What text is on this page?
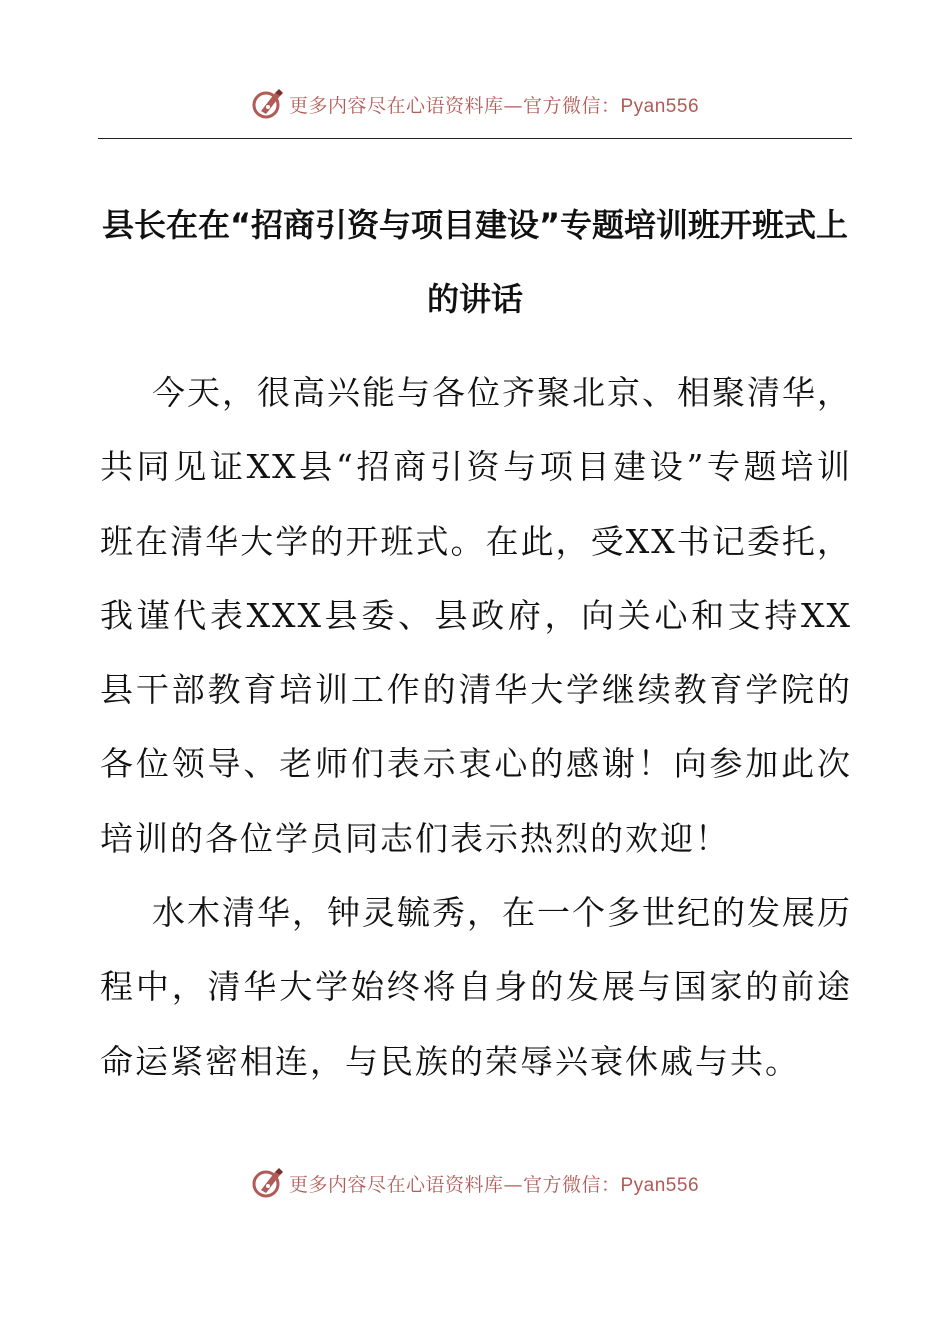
更多内容尽在心语资料库—官方微信：Pyan556
县长在在“招商引资与项目建设”专题培训班开班式上的讲话

今天，很高兴能与各位齐聚北京、相聚清华，共同见证XX县“招商引资与项目建设”专题培训班在清华大学的开班式。在此，受XX书记委托，我谨代表XXX县委、县政府，向关心和支持XX县干部教育培训工作的清华大学继续教育学院的各位领导、老师们表示衷心的感谢！向参加此次培训的各位学员同志们表示热烈的欢迎！

水木清华，钟灵毓秀，在一个多世纪的发展历程中，清华大学始终将自身的发展与国家的前途命运紧密相连，与民族的荣辱兴衰休戚与共。

更多内容尽在心语资料库—官方微信：Pyan556
